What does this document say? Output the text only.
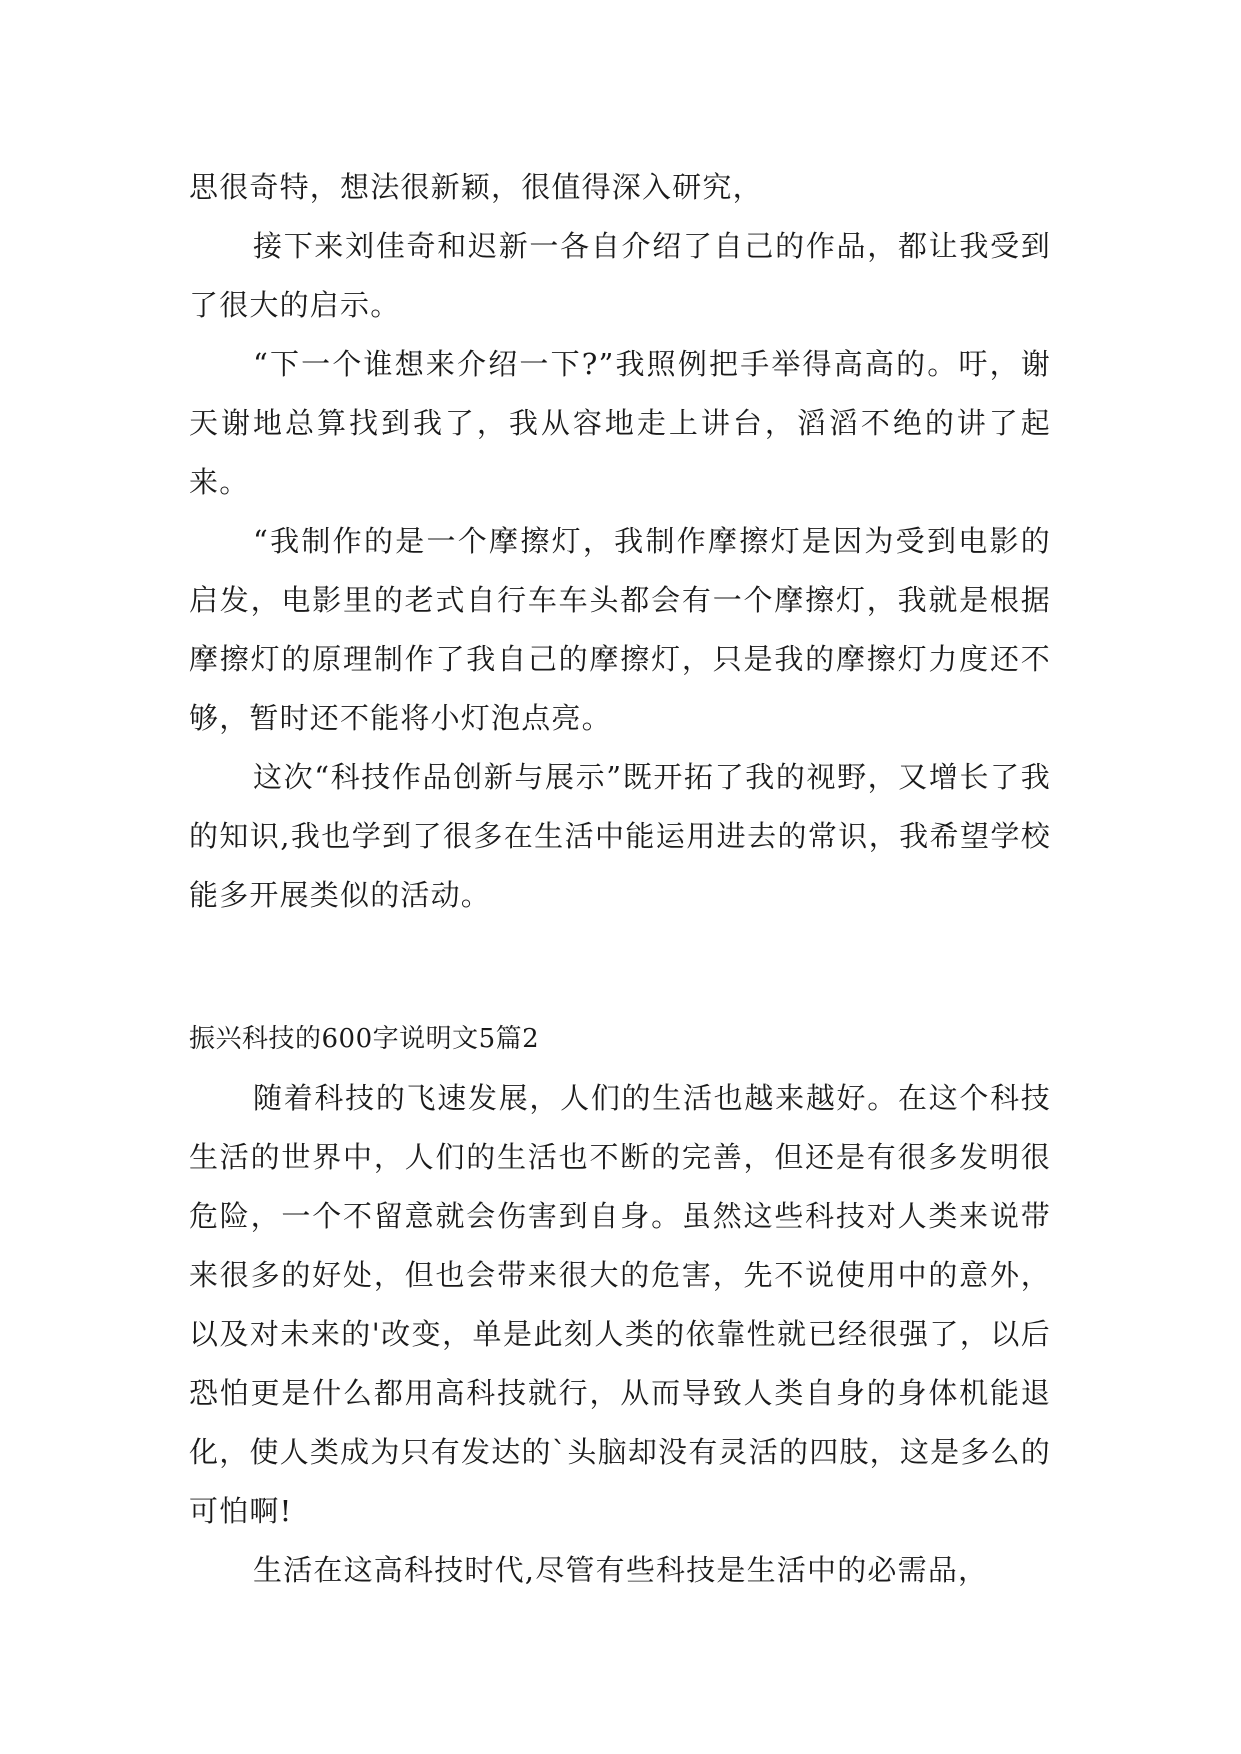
思很奇特，想法很新颖，很值得深入研究，

接下来刘佳奇和迟新一各自介绍了自己的作品，都让我受到了很大的启示。

“下一个谁想来介绍一下?”我照例把手举得高高的。吁，谢天谢地总算找到我了，我从容地走上讲台，滔滔不绝的讲了起来。

“我制作的是一个摩擦灯，我制作摩擦灯是因为受到电影的启发，电影里的老式自行车车头都会有一个摩擦灯，我就是根据摩擦灯的原理制作了我自己的摩擦灯，只是我的摩擦灯力度还不够，暂时还不能将小灯泡点亮。

这次“科技作品创新与展示”既开拓了我的视野，又增长了我的知识,我也学到了很多在生活中能运用进去的常识，我希望学校能多开展类似的活动。

振兴科技的600字说明文5篇2

随着科技的飞速发展，人们的生活也越来越好。在这个科技生活的世界中，人们的生活也不断的完善，但还是有很多发明很危险，一个不留意就会伤害到自身。虽然这些科技对人类来说带来很多的好处，但也会带来很大的危害，先不说使用中的意外，以及对未来的'改变，单是此刻人类的依靠性就已经很强了，以后恐怕更是什么都用高科技就行，从而导致人类自身的身体机能退化，使人类成为只有发达的`头脑却没有灵活的四肢，这是多么的可怕啊!

生活在这高科技时代,尽管有些科技是生活中的必需品，
